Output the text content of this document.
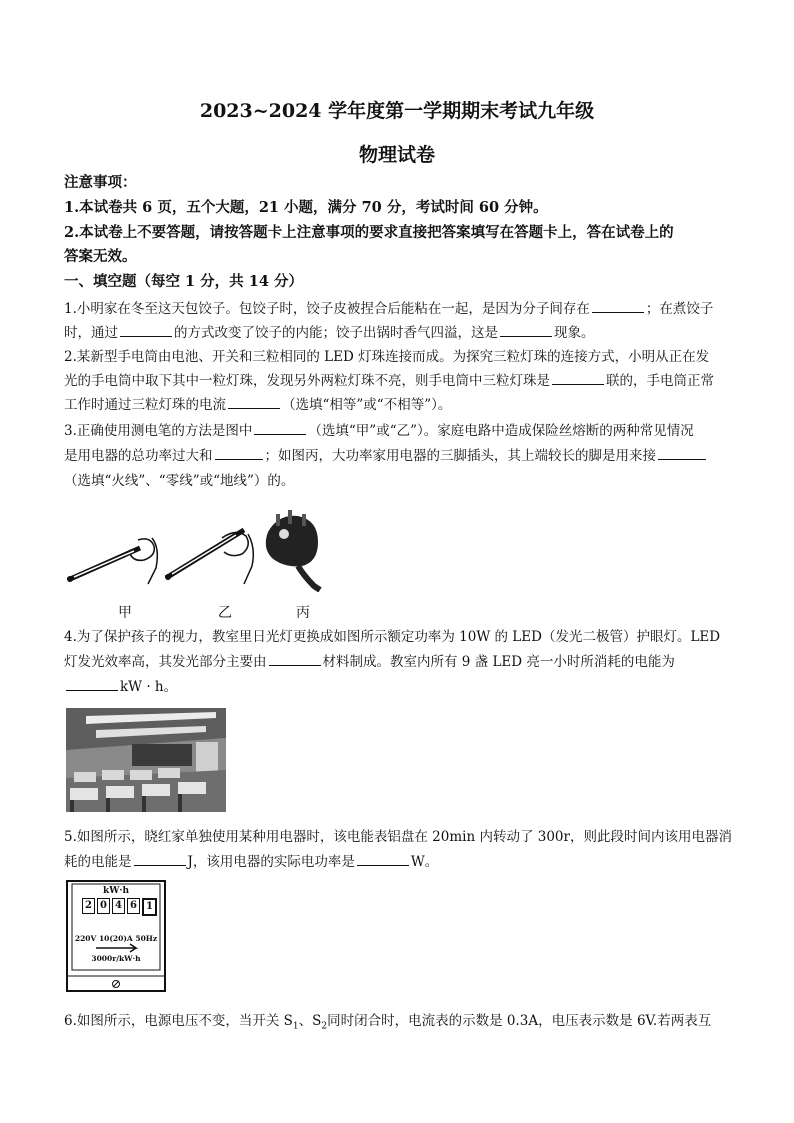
2023~2024 学年度第一学期期末考试九年级
物理试卷
注意事项：
1.本试卷共 6 页，五个大题，21 小题，满分 70 分，考试时间 60 分钟。
2.本试卷上不要答题，请按答题卡上注意事项的要求直接把答案填写在答题卡上，答在试卷上的
答案无效。
一、填空题（每空 1 分，共 14 分）
1.小明家在冬至这天包饺子。包饺子时，饺子皮被捏合后能粘在一起，是因为分子间存在	；在煮饺子
时，通过	的方式改变了饺子的内能；饺子出锅时香气四溢，这是	现象。
2.某新型手电筒由电池、开关和三粒相同的 LED 灯珠连接而成。为探究三粒灯珠的连接方式，小明从正在发
光的手电筒中取下其中一粒灯珠，发现另外两粒灯珠不亮，则手电筒中三粒灯珠是	联的，手电筒正常
工作时通过三粒灯珠的电流	（选填“相等”或“不相等”）。
3.正确使用测电笔的方法是图中	（选填“甲”或“乙”）。家庭电路中造成保险丝熔断的两种常见情况
是用电器的总功率过大和	；如图丙，大功率家用电器的三脚插头，其上端较长的脚是用来接
（选填“火线”、“零线”或“地线”）的。
甲	乙	丙
4.为了保护孩子的视力，教室里日光灯更换成如图所示额定功率为 10W 的 LED（发光二极管）护眼灯。LED
灯发光效率高，其发光部分主要由	材料制成。教室内所有 9 盏 LED 亮一小时所消耗的电能为
kW · h。
5.如图所示，晓红家单独使用某种用电器时，该电能表铝盘在 20min 内转动了 300r，则此段时间内该用电器消
耗的电能是	J，该用电器的实际电功率是	W。
kW·h
2 0 4 6 1
220V 10(20)A 50Hz
3000r/kW·h
6.如图所示，电源电压不变，当开关 $S_1$、$S_2$同时闭合时，电流表的示数是 0.3A，电压表示数是 6V.若两表互
